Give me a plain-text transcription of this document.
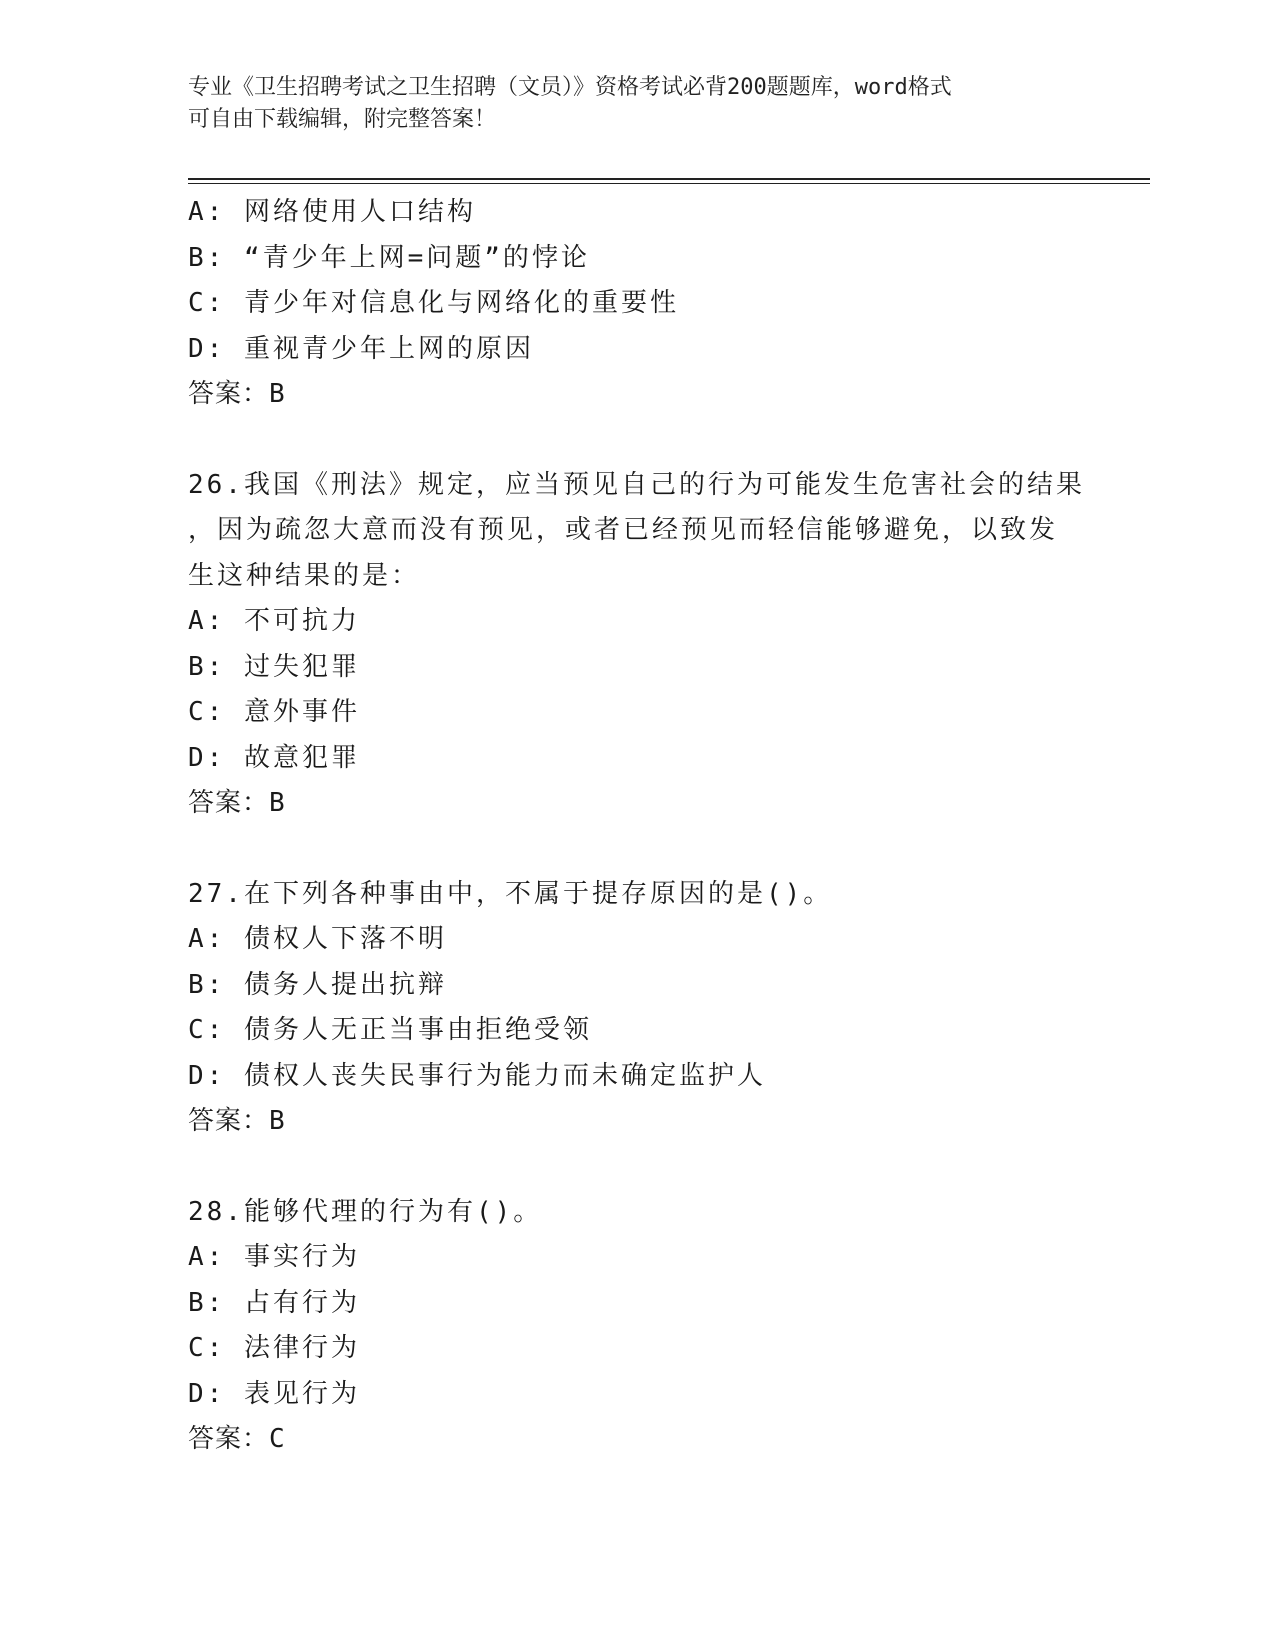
专业《卫生招聘考试之卫生招聘（文员）》资格考试必背200题题库，word格式
可自由下载编辑，附完整答案！
A: 网络使用人口结构
B: “青少年上网=问题”的悖论
C: 青少年对信息化与网络化的重要性
D: 重视青少年上网的原因
答案：B
26.我国《刑法》规定，应当预见自己的行为可能发生危害社会的结果
，因为疏忽大意而没有预见，或者已经预见而轻信能够避免，以致发
生这种结果的是：
A: 不可抗力
B: 过失犯罪
C: 意外事件
D: 故意犯罪
答案：B
27.在下列各种事由中，不属于提存原因的是()。
A: 债权人下落不明
B: 债务人提出抗辩
C: 债务人无正当事由拒绝受领
D: 债权人丧失民事行为能力而未确定监护人
答案：B
28.能够代理的行为有()。
A: 事实行为
B: 占有行为
C: 法律行为
D: 表见行为
答案：C
